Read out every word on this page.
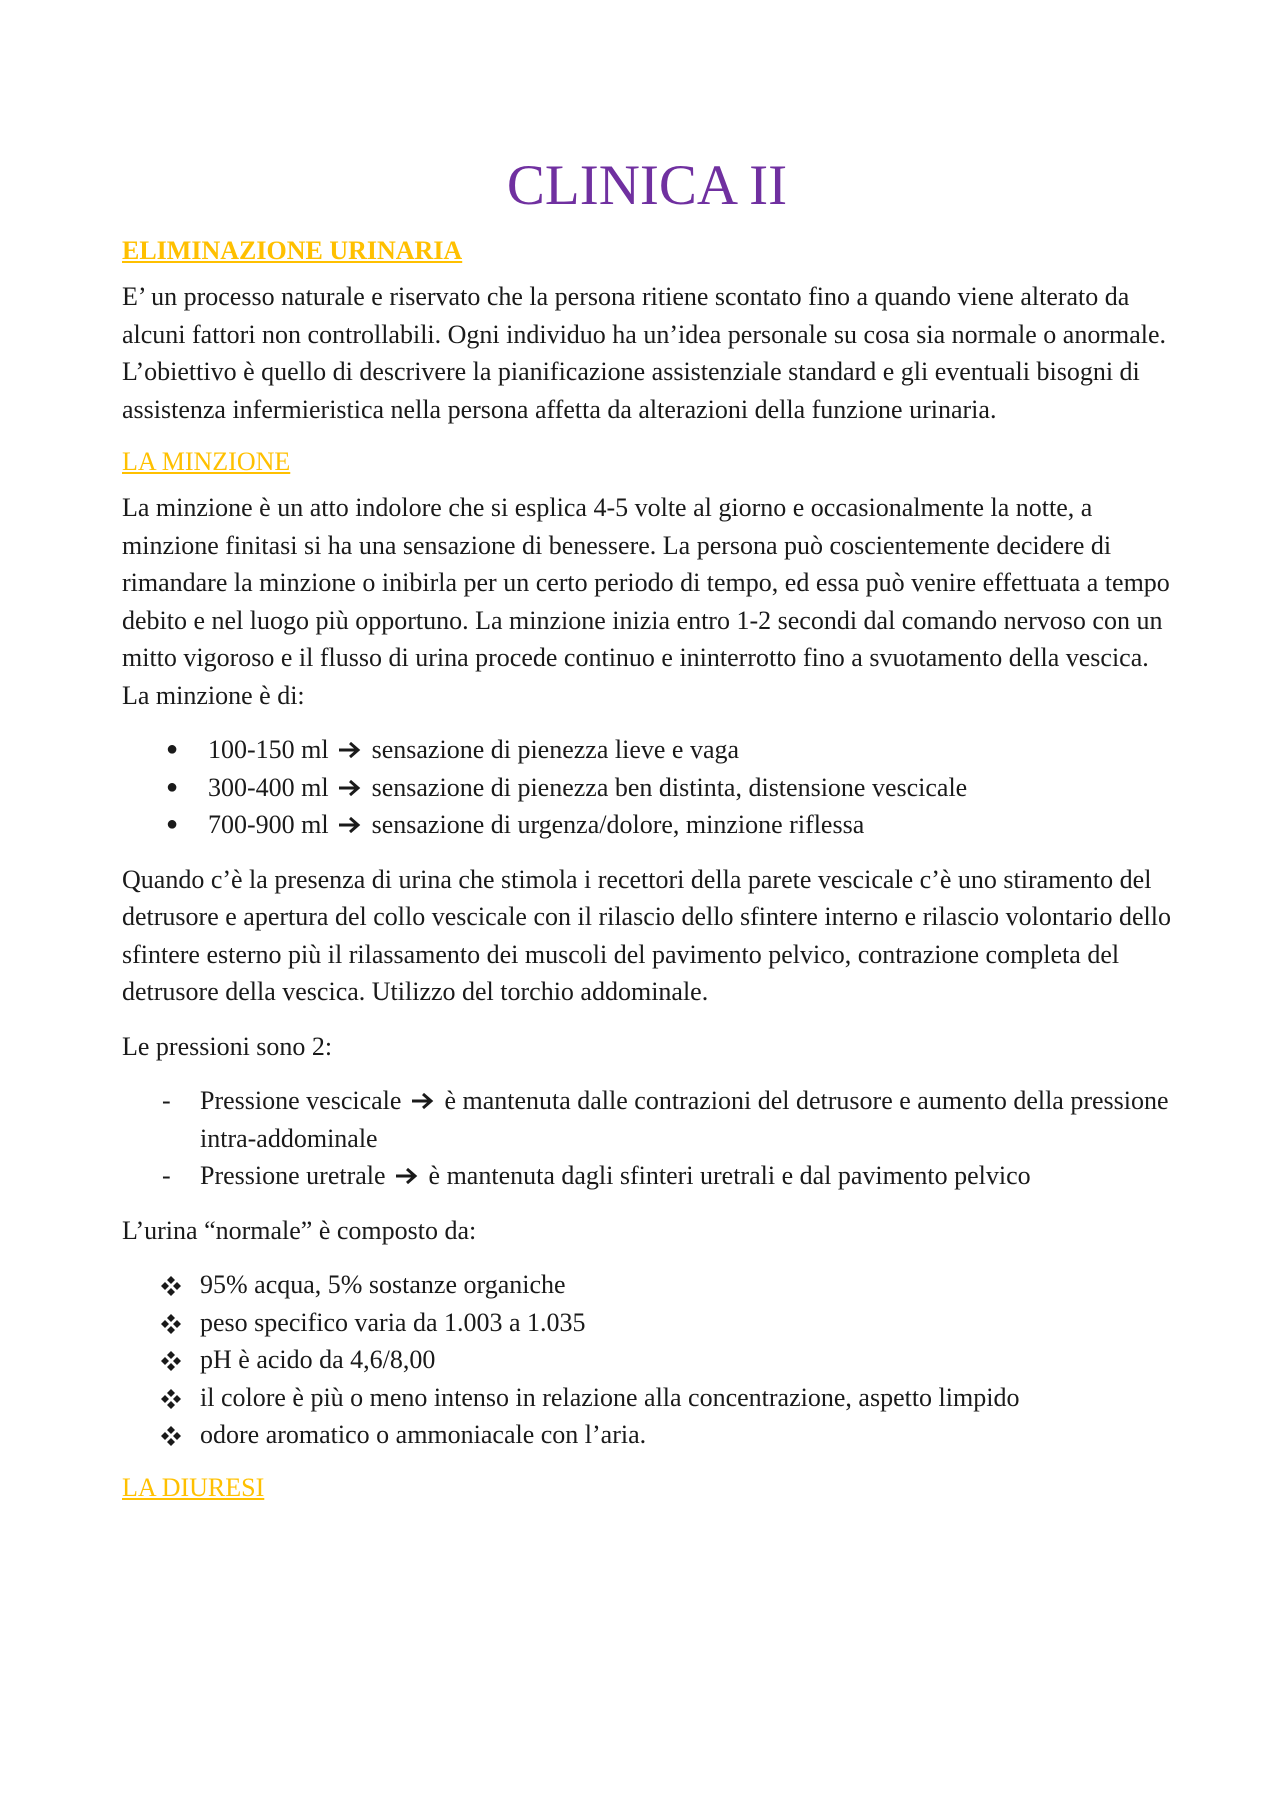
CLINICA II
ELIMINAZIONE URINARIA

E’ un processo naturale e riservato che la persona ritiene scontato fino a quando viene alterato da alcuni fattori non controllabili. Ogni individuo ha un’idea personale su cosa sia normale o anormale. L’obiettivo è quello di descrivere la pianificazione assistenziale standard e gli eventuali bisogni di assistenza infermieristica nella persona affetta da alterazioni della funzione urinaria.

LA MINZIONE

La minzione è un atto indolore che si esplica 4-5 volte al giorno e occasionalmente la notte, a minzione finitasi si ha una sensazione di benessere. La persona può coscientemente decidere di rimandare la minzione o inibirla per un certo periodo di tempo, ed essa può venire effettuata a tempo debito e nel luogo più opportuno. La minzione inizia entro 1-2 secondi dal comando nervoso con un mitto vigoroso e il flusso di urina procede continuo e ininterrotto fino a svuotamento della vescica. La minzione è di:

● 100-150 ml sensazione di pienezza lieve e vaga
● 300-400 ml sensazione di pienezza ben distinta, distensione vescicale
● 700-900 ml sensazione di urgenza/dolore, minzione riflessa

Quando c’è la presenza di urina che stimola i recettori della parete vescicale c’è uno stiramento del detrusore e apertura del collo vescicale con il rilascio dello sfintere interno e rilascio volontario dello sfintere esterno più il rilassamento dei muscoli del pavimento pelvico, contrazione completa del detrusore della vescica. Utilizzo del torchio addominale.

Le pressioni sono 2:

- Pressione vescicale è mantenuta dalle contrazioni del detrusore e aumento della pressione intra-addominale
- Pressione uretrale è mantenuta dagli sfinteri uretrali e dal pavimento pelvico

L’urina “normale” è composto da:

95% acqua, 5% sostanze organiche
peso specifico varia da 1.003 a 1.035
pH è acido da 4,6/8,00
il colore è più o meno intenso in relazione alla concentrazione, aspetto limpido
odore aromatico o ammoniacale con l’aria.
LA DIURESI
